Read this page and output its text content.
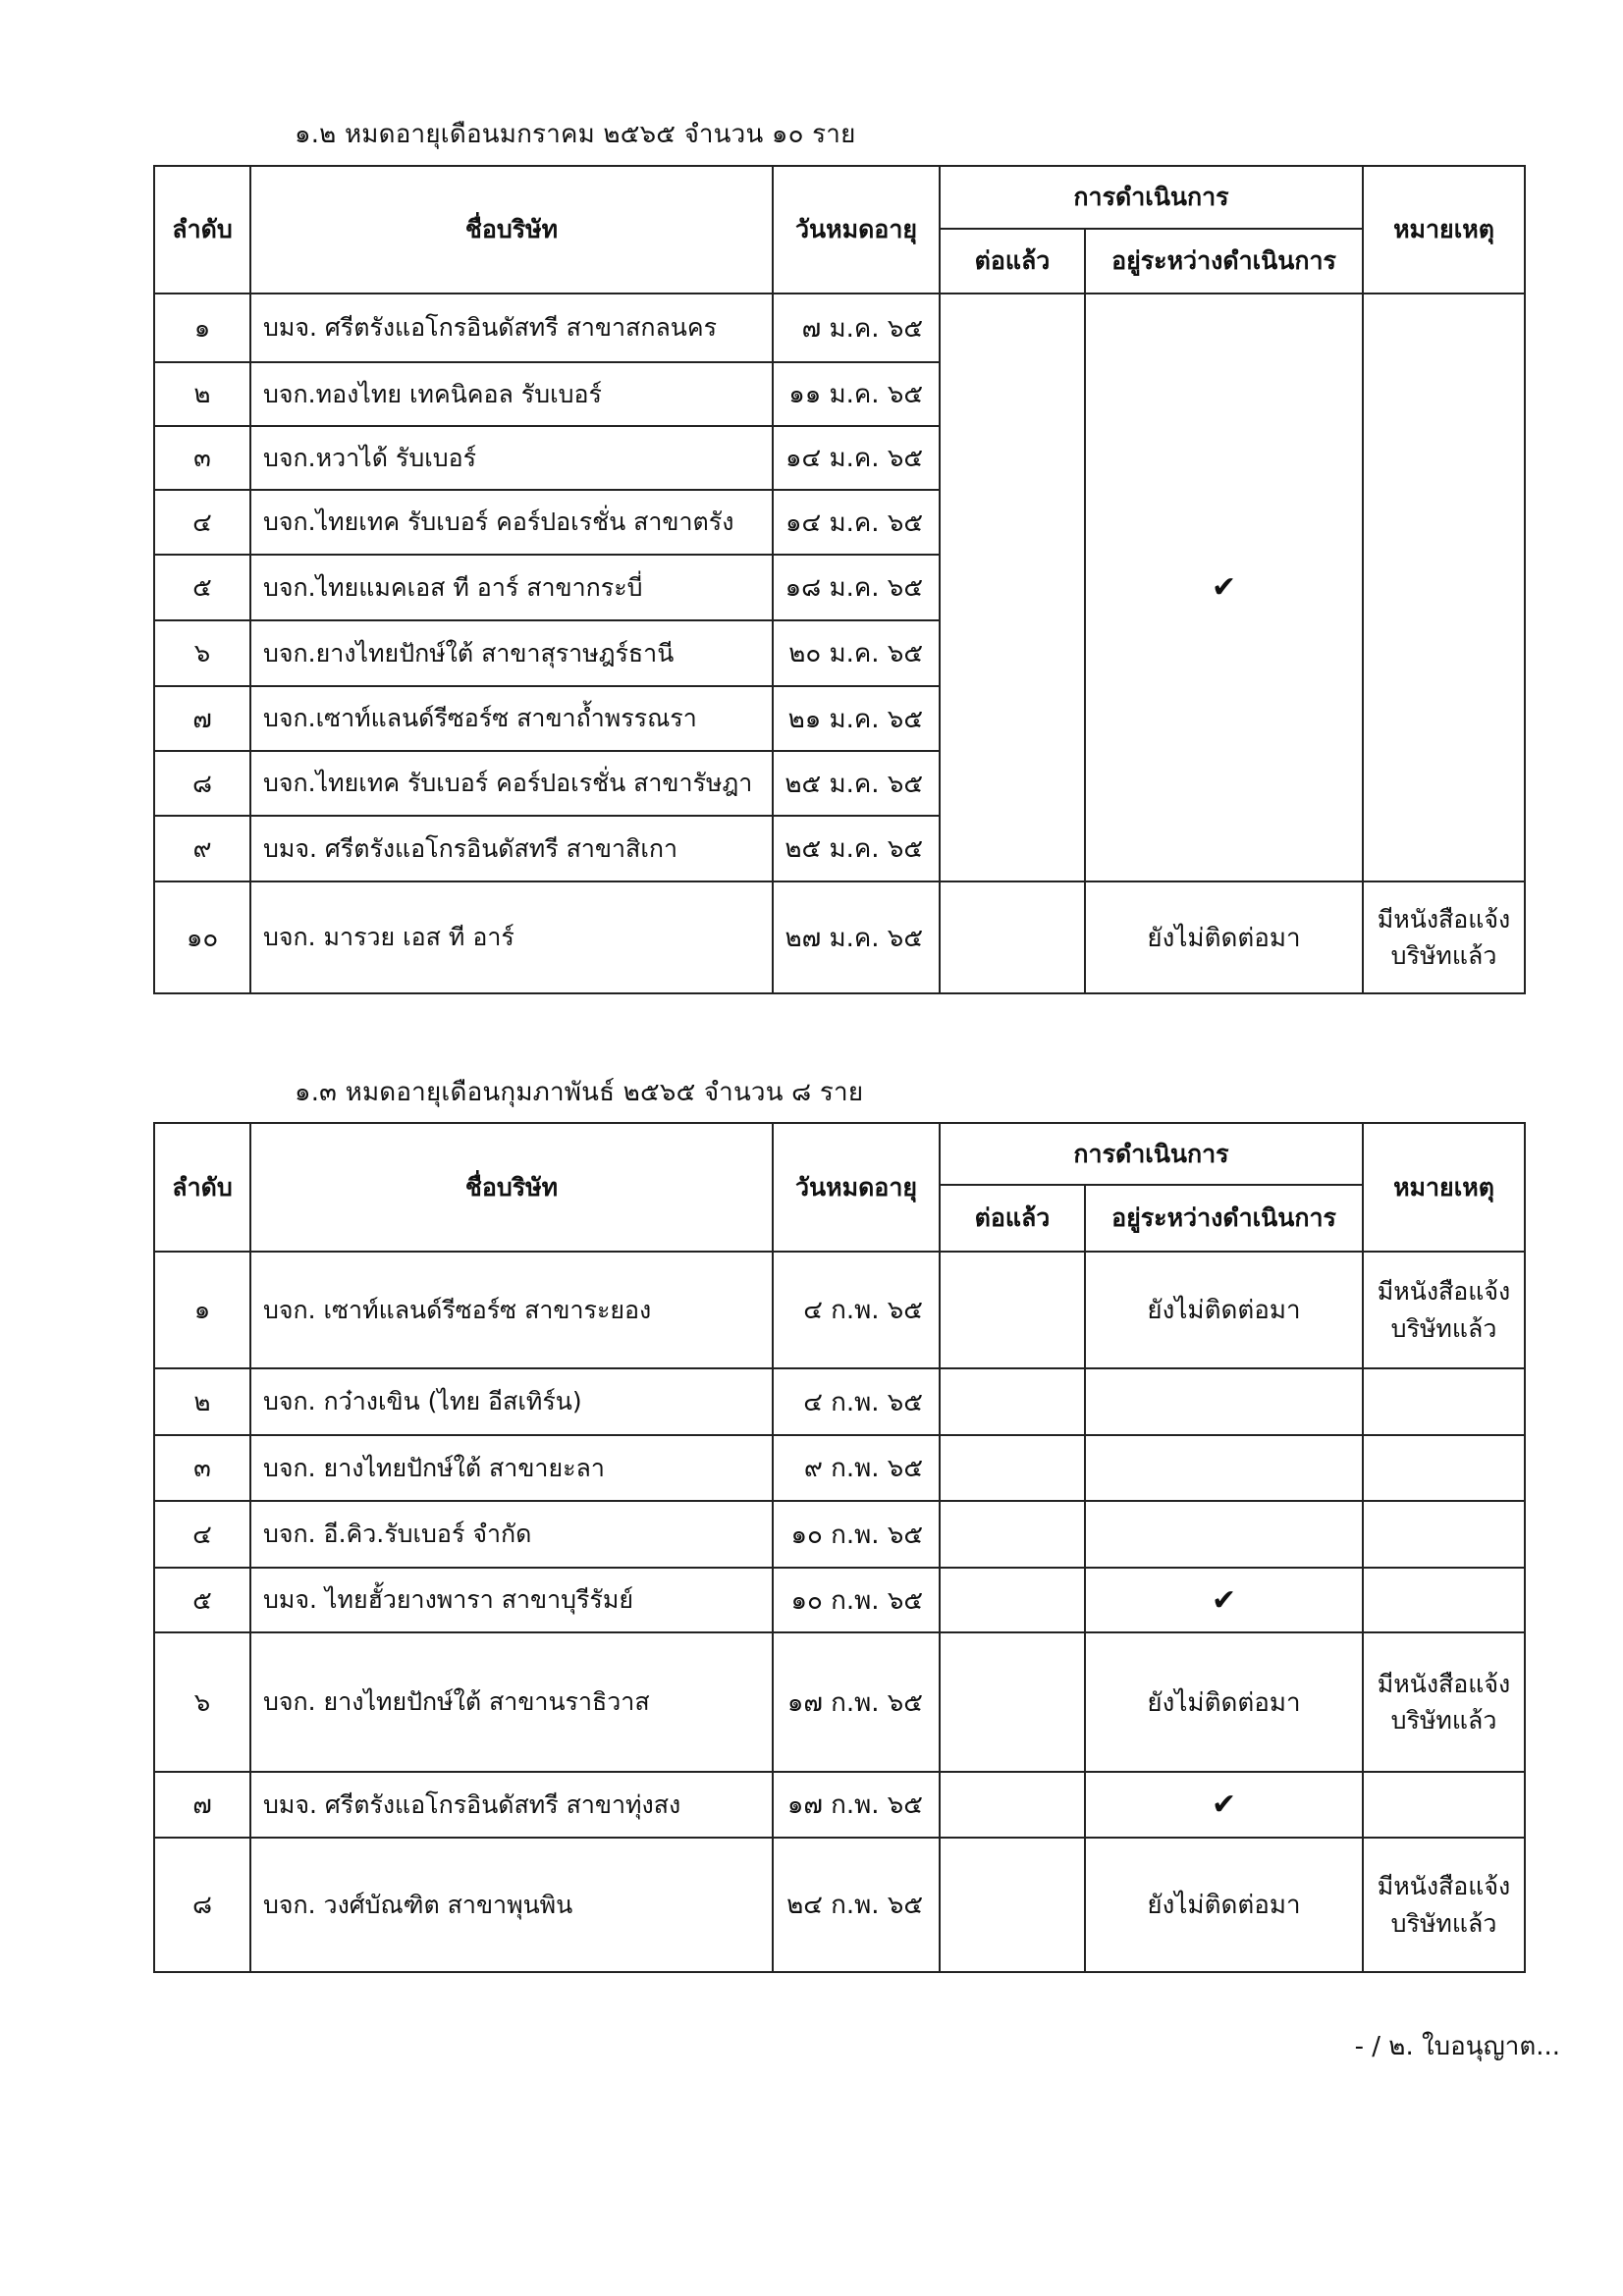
๑.๒ หมดอายุเดือนมกราคม ๒๕๖๕ จำนวน ๑๐ ราย
ลำดับ	ชื่อบริษัท	วันหมดอายุ	การดำเนินการ		หมายเหตุ
			ต่อแล้ว	อยู่ระหว่างดำเนินการ	
๑	บมจ. ศรีตรังแอโกรอินดัสทรี สาขาสกลนคร	๗ ม.ค. ๖๕		✔	
๒	บจก.ทองไทย เทคนิคอล รับเบอร์	๑๑ ม.ค. ๖๕			
๓	บจก.หวาได้ รับเบอร์	๑๔ ม.ค. ๖๕			
๔	บจก.ไทยเทค รับเบอร์ คอร์ปอเรชั่น สาขาตรัง	๑๔ ม.ค. ๖๕			
๕	บจก.ไทยแมคเอส ที อาร์ สาขากระบี่	๑๘ ม.ค. ๖๕			
๖	บจก.ยางไทยปักษ์ใต้ สาขาสุราษฎร์ธานี	๒๐ ม.ค. ๖๕			
๗	บจก.เซาท์แลนด์รีซอร์ซ สาขาถ้ำพรรณรา	๒๑ ม.ค. ๖๕			
๘	บจก.ไทยเทค รับเบอร์ คอร์ปอเรชั่น สาขารัษฎา	๒๕ ม.ค. ๖๕			
๙	บมจ. ศรีตรังแอโกรอินดัสทรี สาขาสิเกา	๒๕ ม.ค. ๖๕			
๑๐	บจก. มารวย เอส ที อาร์	๒๗ ม.ค. ๖๕		ยังไม่ติดต่อมา	มีหนังสือแจ้ง
บริษัทแล้ว
๑.๓ หมดอายุเดือนกุมภาพันธ์ ๒๕๖๕ จำนวน ๘ ราย
ลำดับ	ชื่อบริษัท	วันหมดอายุ	การดำเนินการ		หมายเหตุ
			ต่อแล้ว	อยู่ระหว่างดำเนินการ	
๑	บจก. เซาท์แลนด์รีซอร์ซ สาขาระยอง	๔ ก.พ. ๖๕		ยังไม่ติดต่อมา	มีหนังสือแจ้ง
บริษัทแล้ว

๒	บจก. กว๋างเขิน (ไทย อีสเทิร์น)	๔ ก.พ. ๖๕			

๓	บจก. ยางไทยปักษ์ใต้ สาขายะลา	๙ ก.พ. ๖๕			

๔	บจก. อี.คิว.รับเบอร์ จำกัด	๑๐ ก.พ. ๖๕			

๕	บมจ. ไทยฮั้วยางพารา สาขาบุรีรัมย์	๑๐ ก.พ. ๖๕		✔	

๖	บจก. ยางไทยปักษ์ใต้ สาขานราธิวาส	๑๗ ก.พ. ๖๕		ยังไม่ติดต่อมา	มีหนังสือแจ้ง
บริษัทแล้ว

๗	บมจ. ศรีตรังแอโกรอินดัสทรี สาขาทุ่งสง	๑๗ ก.พ. ๖๕		✔	

๘	บจก. วงศ์บัณฑิต สาขาพุนพิน	๒๔ ก.พ. ๖๕		ยังไม่ติดต่อมา	มีหนังสือแจ้ง
บริษัทแล้ว
- / ๒. ใบอนุญาต...
